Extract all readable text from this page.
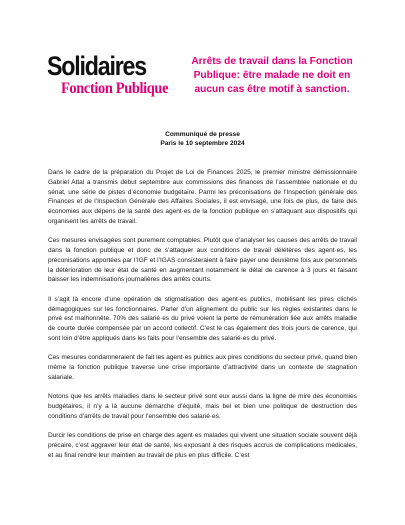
Solidaires
Fonction Publique
Arrêts de travail dans la Fonction
Publique: être malade ne doit en
aucun cas être motif à sanction.
Communiqué de presse
Paris le 10 septembre 2024

Dans le cadre de la préparation du Projet de Loi de Finances 2025, le premier ministre démissionnaire Gabriel Attal a transmis début septembre aux commissions des finances de l’assemblée nationale et du sénat, une série de pistes d’économie budgétaire. Parmi les préconisations de l’Inspection générale des Finances et de l’Inspection Générale des Affaires Sociales, il est envisagé, une fois de plus, de faire des économies aux dépens de la santé des agent·es de la fonction publique en s’attaquant aux dispositifs qui organisent les arrêts de travail.

Ces mesures envisagées sont purement comptables. Plutôt que d’analyser les causes des arrêts de travail dans la fonction publique et donc de s’attaquer aux conditions de travail délétères des agent·es, les préconisations apportées par l’IGF et l’IGAS consisteraient à faire payer une deuxième fois aux personnels la détérioration de leur état de santé en augmentant notamment le délai de carence à 3 jours et faisant baisser les indemnisations journalières des arrêts courts.

Il s’agit là encore d’une opération de stigmatisation des agent·es publics, mobilisant les pires clichés démagogiques sur les fonctionnaires. Parler d’un alignement du public sur les règles existantes dans le privé est malhonnête. 70% des salarié·es du privé voient la perte de rémunération liée aux arrêts maladie de courte durée compensée par un accord collectif. C’est le cas également des trois jours de carence, qui sont loin d’être appliqués dans les faits pour l’ensemble des salarié·es du privé.

Ces mesures condamneraient de fait les agent·es publics aux pires conditions du secteur privé, quand bien même la fonction publique traverse une crise importante d’attractivité dans un contexte de stagnation salariale.

Notons que les arrêts maladies dans le secteur privé sont eux aussi dans la ligne de mire des économies budgétaires, il n’y a là aucune démarche d’équité, mais bel et bien une politique de destruction des conditions d’arrêts de travail pour l’ensemble des salarié·es.

Durcir les conditions de prise en charge des agent·es malades qui vivent une situation sociale souvent déjà précaire, c’est aggraver leur état de santé, les exposant à des risques accrus de complications médicales, et au final rendre leur maintien au travail de plus en plus difficile. C’est
